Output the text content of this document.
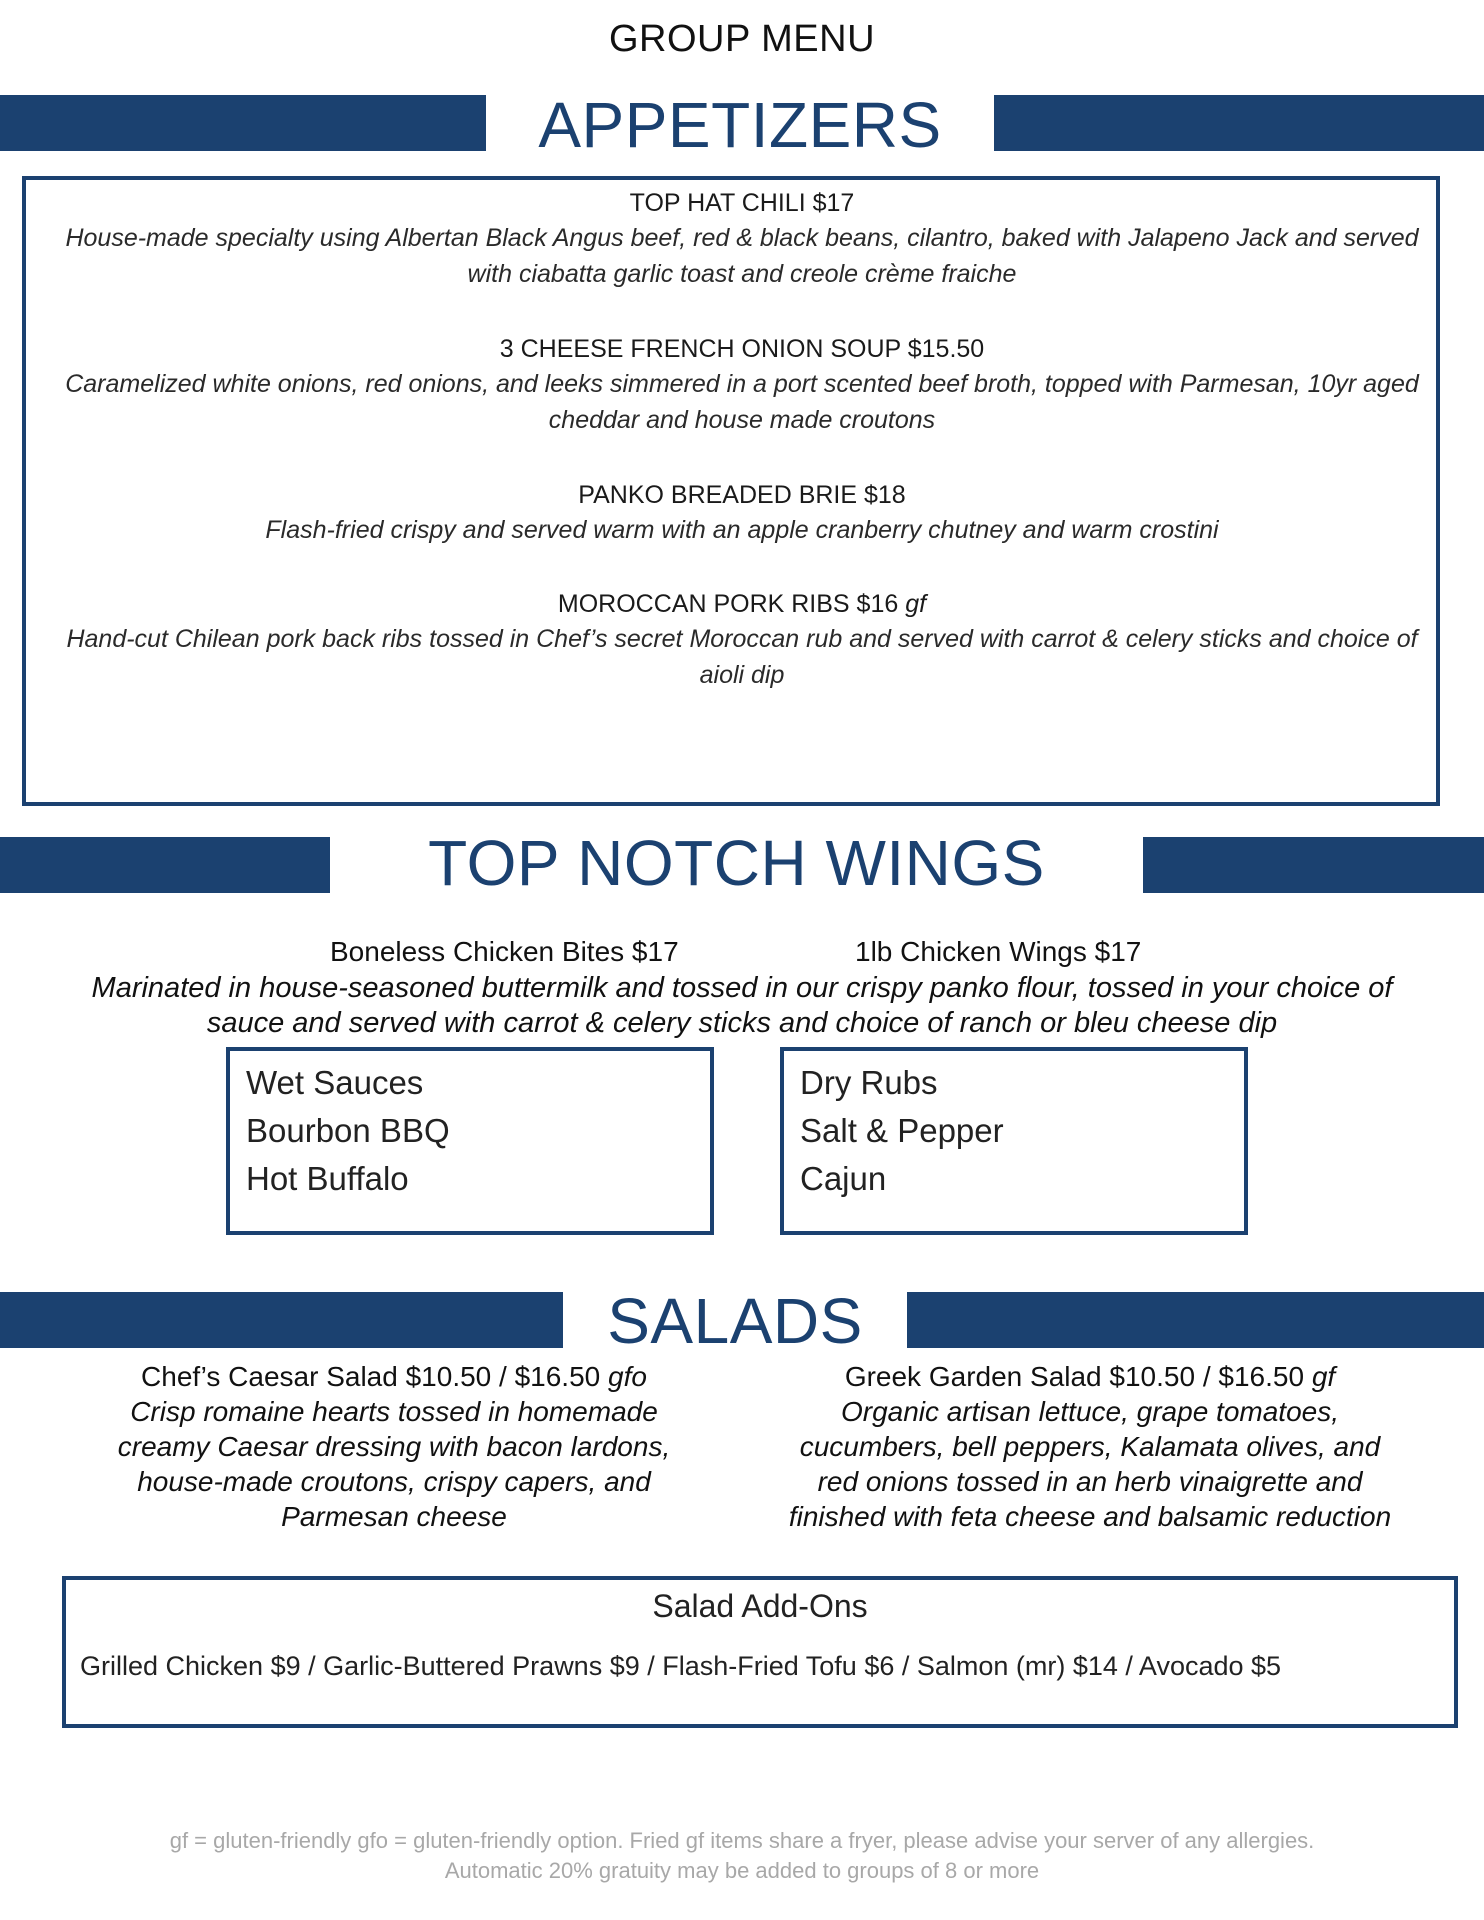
GROUP MENU
APPETIZERS
TOP HAT CHILI $17
House-made specialty using Albertan Black Angus beef, red & black beans, cilantro, baked with Jalapeno Jack and served with ciabatta garlic toast and creole crème fraiche
3 CHEESE FRENCH ONION SOUP $15.50
Caramelized white onions, red onions, and leeks simmered in a port scented beef broth, topped with Parmesan, 10yr aged cheddar and house made croutons
PANKO BREADED BRIE $18
Flash-fried crispy and served warm with an apple cranberry chutney and warm crostini
MOROCCAN PORK RIBS $16 gf
Hand-cut Chilean pork back ribs tossed in Chef’s secret Moroccan rub and served with carrot & celery sticks and choice of aioli dip
TOP NOTCH WINGS
Boneless Chicken Bites $17	1lb Chicken Wings $17
Marinated in house-seasoned buttermilk and tossed in our crispy panko flour, tossed in your choice of sauce and served with carrot & celery sticks and choice of ranch or bleu cheese dip
Wet Sauces
Bourbon BBQ
Hot Buffalo
Dry Rubs
Salt & Pepper
Cajun
SALADS
Chef’s Caesar Salad $10.50 / $16.50 gfo
Crisp romaine hearts tossed in homemade creamy Caesar dressing with bacon lardons, house-made croutons, crispy capers, and Parmesan cheese
Greek Garden Salad $10.50 / $16.50 gf
Organic artisan lettuce, grape tomatoes, cucumbers, bell peppers, Kalamata olives, and red onions tossed in an herb vinaigrette and finished with feta cheese and balsamic reduction
Salad Add-Ons
Grilled Chicken $9 / Garlic-Buttered Prawns $9 / Flash-Fried Tofu $6 / Salmon (mr) $14 / Avocado $5
gf = gluten-friendly gfo = gluten-friendly option. Fried gf items share a fryer, please advise your server of any allergies.
Automatic 20% gratuity may be added to groups of 8 or more
